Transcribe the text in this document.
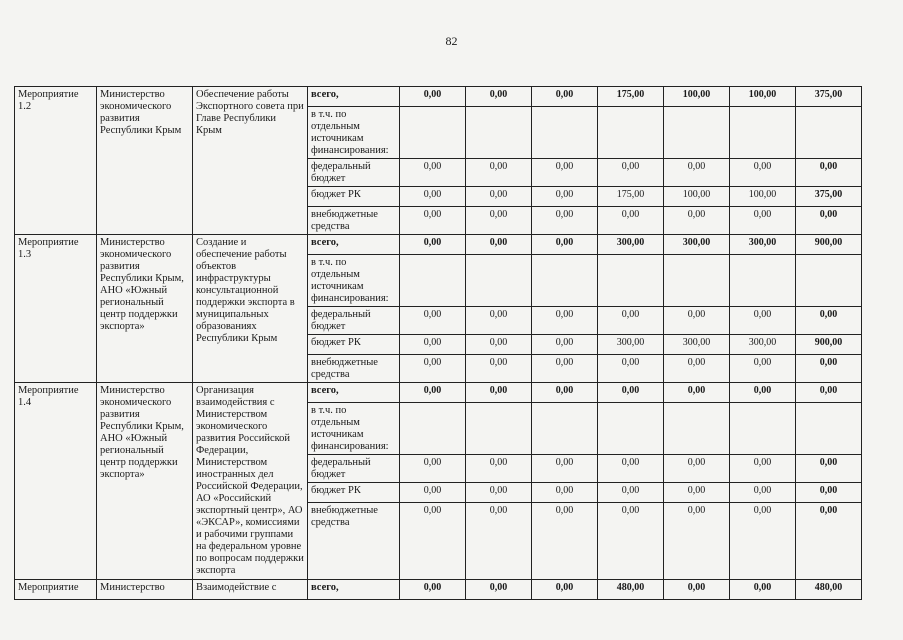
82
Мероприятие 1.2	Министерство экономического развития Республики Крым	Обеспечение работы Экспортного совета при Главе Республики Крым	всего,	0,00	0,00	0,00	175,00	100,00	100,00	375,00
			в т.ч. по отдельным источникам финансирования:							
			федеральный бюджет	0,00	0,00	0,00	0,00	0,00	0,00	0,00
			бюджет РК	0,00	0,00	0,00	175,00	100,00	100,00	375,00
			внебюджетные средства	0,00	0,00	0,00	0,00	0,00	0,00	0,00
Мероприятие 1.3	Министерство экономического развития Республики Крым, АНО «Южный региональный центр поддержки экспорта»	Создание и обеспечение работы объектов инфраструктуры консультационной поддержки экспорта в муниципальных образованиях Республики Крым	всего,	0,00	0,00	0,00	300,00	300,00	300,00	900,00
			в т.ч. по отдельным источникам финансирования:							
			федеральный бюджет	0,00	0,00	0,00	0,00	0,00	0,00	0,00
			бюджет РК	0,00	0,00	0,00	300,00	300,00	300,00	900,00
			внебюджетные средства	0,00	0,00	0,00	0,00	0,00	0,00	0,00
Мероприятие 1.4	Министерство экономического развития Республики Крым, АНО «Южный региональный центр поддержки экспорта»	Организация взаимодействия с Министерством экономического развития Российской Федерации, Министерством иностранных дел Российской Федерации, АО «Российский экспортный центр», АО «ЭКСАР», комиссиями и рабочими группами на федеральном уровне по вопросам поддержки экспорта	всего,	0,00	0,00	0,00	0,00	0,00	0,00	0,00
			в т.ч. по отдельным источникам финансирования:							
			федеральный бюджет	0,00	0,00	0,00	0,00	0,00	0,00	0,00
			бюджет РК	0,00	0,00	0,00	0,00	0,00	0,00	0,00
			внебюджетные средства	0,00	0,00	0,00	0,00	0,00	0,00	0,00
Мероприятие	Министерство	Взаимодействие с	всего,	0,00	0,00	0,00	480,00	0,00	0,00	480,00
